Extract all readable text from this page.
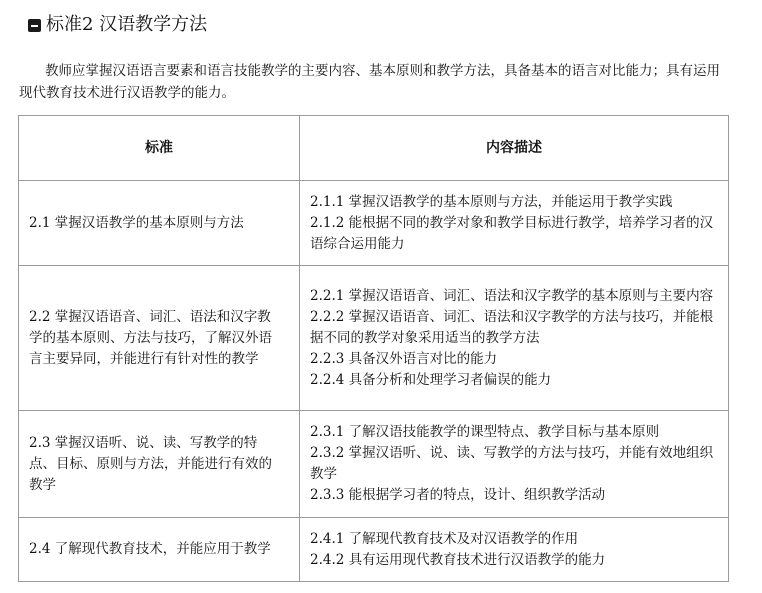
标准2 汉语教学方法

教师应掌握汉语语言要素和语言技能教学的主要内容、基本原则和教学方法，具备基本的语言对比能力；具有运用现代教育技术进行汉语教学的能力。

标准	内容描述
2.1 掌握汉语教学的基本原则与方法	2.1.1 掌握汉语教学的基本原则与方法，并能运用于教学实践
2.1.2 能根据不同的教学对象和教学目标进行教学，培养学习者的汉语综合运用能力

2.2 掌握汉语语音、词汇、语法和汉字教学的基本原则、方法与技巧，了解汉外语言主要异同，并能进行有针对性的教学	2.2.1 掌握汉语语音、词汇、语法和汉字教学的基本原则与主要内容
2.2.2 掌握汉语语音、词汇、语法和汉字教学的方法与技巧，并能根据不同的教学对象采用适当的教学方法
2.2.3 具备汉外语言对比的能力
2.2.4 具备分析和处理学习者偏误的能力

2.3 掌握汉语听、说、读、写教学的特点、目标、原则与方法，并能进行有效的教学	2.3.1 了解汉语技能教学的课型特点、教学目标与基本原则
2.3.2 掌握汉语听、说、读、写教学的方法与技巧，并能有效地组织教学
2.3.3 能根据学习者的特点，设计、组织教学活动

2.4 了解现代教育技术，并能应用于教学	2.4.1 了解现代教育技术及对汉语教学的作用
2.4.2 具有运用现代教育技术进行汉语教学的能力
